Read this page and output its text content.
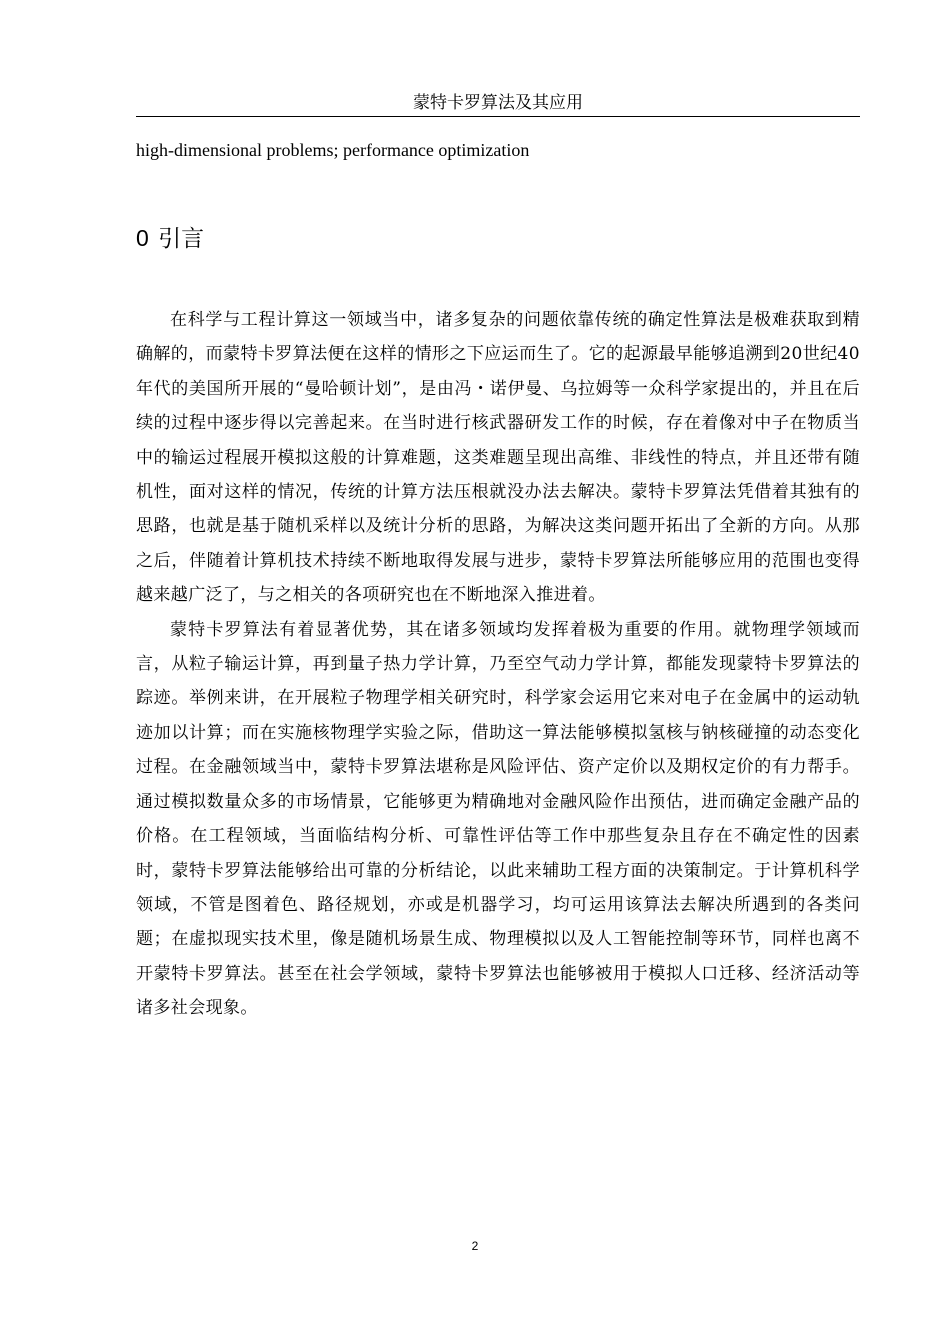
蒙特卡罗算法及其应用
high-dimensional problems; performance optimization
0 引言

在科学与工程计算这一领域当中，诸多复杂的问题依靠传统的确定性算法是极难获取到精确解的，而蒙特卡罗算法便在这样的情形之下应运而生了。它的起源最早能够追溯到20世纪40年代的美国所开展的“曼哈顿计划”，是由冯・诺伊曼、乌拉姆等一众科学家提出的，并且在后续的过程中逐步得以完善起来。在当时进行核武器研发工作的时候，存在着像对中子在物质当中的输运过程展开模拟这般的计算难题，这类难题呈现出高维、非线性的特点，并且还带有随机性，面对这样的情况，传统的计算方法压根就没办法去解决。蒙特卡罗算法凭借着其独有的思路，也就是基于随机采样以及统计分析的思路，为解决这类问题开拓出了全新的方向。从那之后，伴随着计算机技术持续不断地取得发展与进步，蒙特卡罗算法所能够应用的范围也变得越来越广泛了，与之相关的各项研究也在不断地深入推进着。

蒙特卡罗算法有着显著优势，其在诸多领域均发挥着极为重要的作用。就物理学领域而言，从粒子输运计算，再到量子热力学计算，乃至空气动力学计算，都能发现蒙特卡罗算法的踪迹。举例来讲，在开展粒子物理学相关研究时，科学家会运用它来对电子在金属中的运动轨迹加以计算；而在实施核物理学实验之际，借助这一算法能够模拟氢核与钠核碰撞的动态变化过程。在金融领域当中，蒙特卡罗算法堪称是风险评估、资产定价以及期权定价的有力帮手。通过模拟数量众多的市场情景，它能够更为精确地对金融风险作出预估，进而确定金融产品的价格。在工程领域，当面临结构分析、可靠性评估等工作中那些复杂且存在不确定性的因素时，蒙特卡罗算法能够给出可靠的分析结论，以此来辅助工程方面的决策制定。于计算机科学领域，不管是图着色、路径规划，亦或是机器学习，均可运用该算法去解决所遇到的各类问题；在虚拟现实技术里，像是随机场景生成、物理模拟以及人工智能控制等环节，同样也离不开蒙特卡罗算法。甚至在社会学领域，蒙特卡罗算法也能够被用于模拟人口迁移、经济活动等诸多社会现象。

2
